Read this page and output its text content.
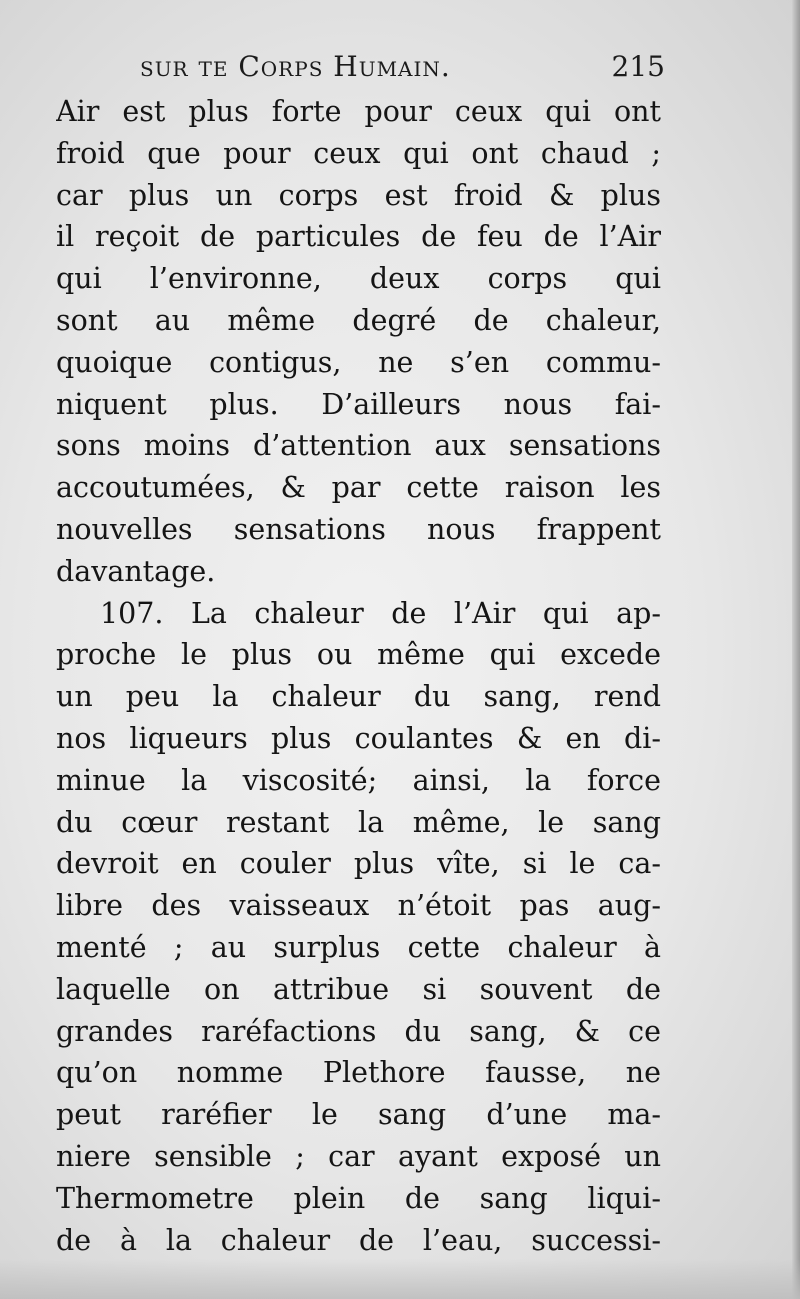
sur te Corps Humain.	215
Air est plus forte pour ceux qui ont
froid que pour ceux qui ont chaud ;
car plus un corps est froid & plus
il reçoit de particules de feu de l’Air
qui l’environne, deux corps qui
sont au même degré de chaleur,
quoique contigus, ne s’en commu-
niquent plus. D’ailleurs nous fai-
sons moins d’attention aux sensations
accoutumées, & par cette raison les
nouvelles sensations nous frappent
davantage.
107. La chaleur de l’Air qui ap-
proche le plus ou même qui excede
un peu la chaleur du sang, rend
nos liqueurs plus coulantes & en di-
minue la viscosité; ainsi, la force
du cœur restant la même, le sang
devroit en couler plus vîte, si le ca-
libre des vaisseaux n’étoit pas aug-
menté ; au surplus cette chaleur à
laquelle on attribue si souvent de
grandes raréfactions du sang, & ce
qu’on nomme Plethore fausse, ne
peut raréfier le sang d’une ma-
niere sensible ; car ayant exposé un
Thermometre plein de sang liqui-
de à la chaleur de l’eau, successi-
